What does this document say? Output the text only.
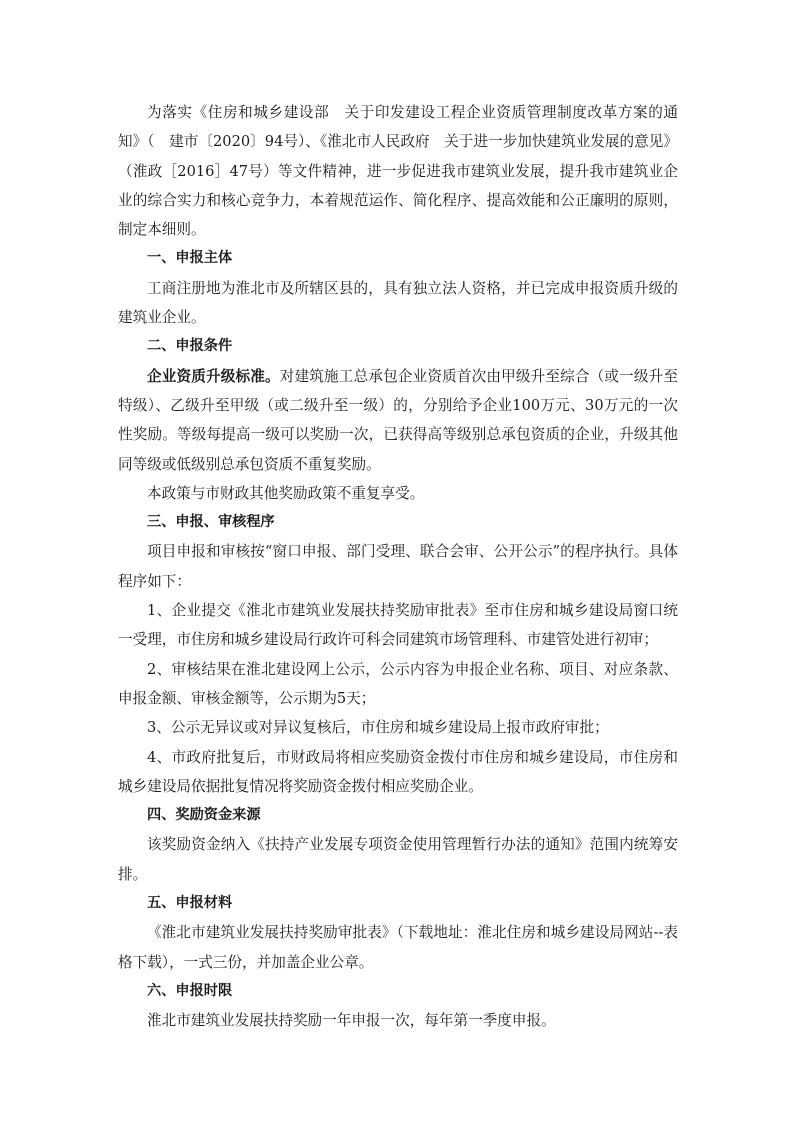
为落实《住房和城乡建设部　关于印发建设工程企业资质管理制度改革方案的通知》（　建市〔2020〕94号）、《淮北市人民政府　关于进一步加快建筑业发展的意见》（淮政［2016］47号）等文件精神，进一步促进我市建筑业发展，提升我市建筑业企业的综合实力和核心竞争力，本着规范运作、简化程序、提高效能和公正廉明的原则，制定本细则。

一、申报主体

工商注册地为淮北市及所辖区县的，具有独立法人资格，并已完成申报资质升级的建筑业企业。

二、申报条件

企业资质升级标准。对建筑施工总承包企业资质首次由甲级升至综合（或一级升至特级）、乙级升至甲级（或二级升至一级）的，分别给予企业100万元、30万元的一次性奖励。等级每提高一级可以奖励一次，已获得高等级别总承包资质的企业，升级其他同等级或低级别总承包资质不重复奖励。

本政策与市财政其他奖励政策不重复享受。

三、申报、审核程序

项目申报和审核按“窗口申报、部门受理、联合会审、公开公示”的程序执行。具体程序如下：

1、企业提交《淮北市建筑业发展扶持奖励审批表》至市住房和城乡建设局窗口统一受理，市住房和城乡建设局行政许可科会同建筑市场管理科、市建管处进行初审；

2、审核结果在淮北建设网上公示，公示内容为申报企业名称、项目、对应条款、申报金额、审核金额等，公示期为5天；

3、公示无异议或对异议复核后，市住房和城乡建设局上报市政府审批；

4、市政府批复后，市财政局将相应奖励资金拨付市住房和城乡建设局，市住房和城乡建设局依据批复情况将奖励资金拨付相应奖励企业。

四、奖励资金来源

该奖励资金纳入《扶持产业发展专项资金使用管理暂行办法的通知》范围内统筹安排。

五、申报材料

《淮北市建筑业发展扶持奖励审批表》（下载地址：淮北住房和城乡建设局网站--表格下载），一式三份，并加盖企业公章。

六、申报时限

淮北市建筑业发展扶持奖励一年申报一次，每年第一季度申报。
